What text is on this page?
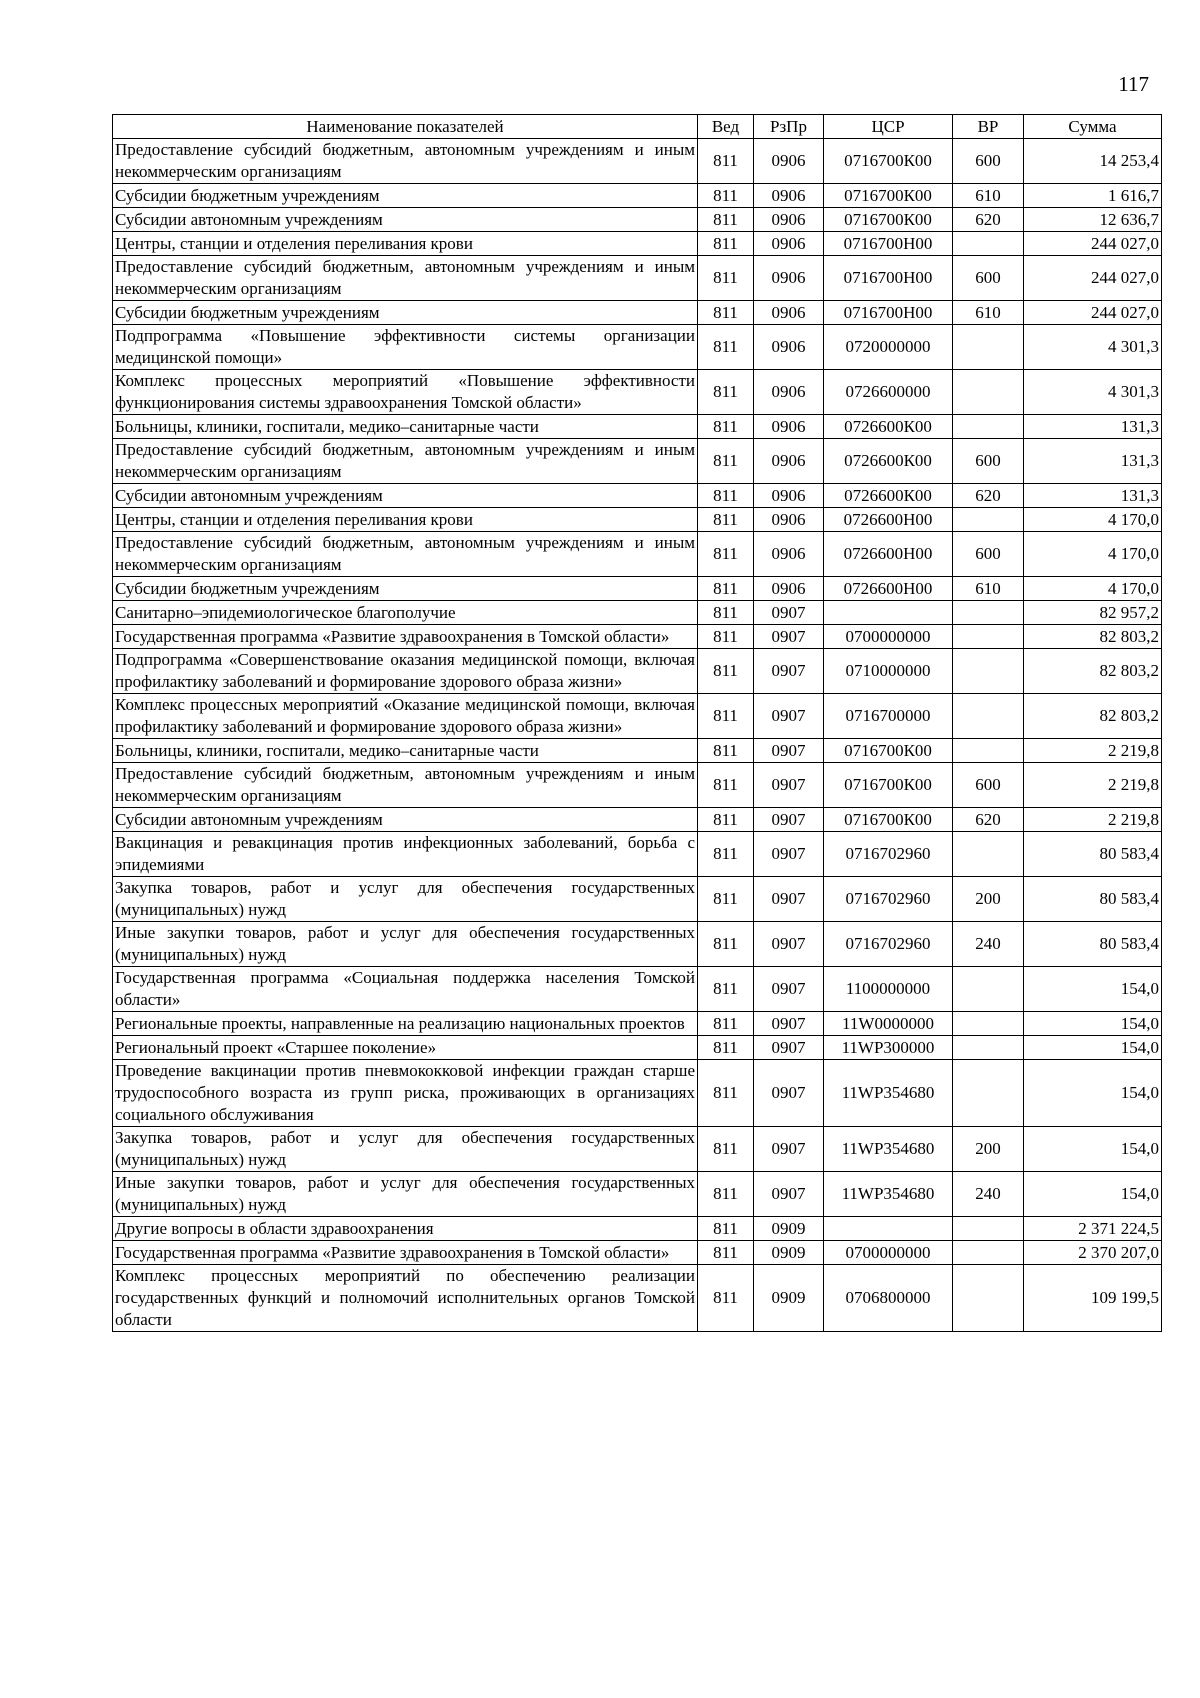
117
Наименование показателей	Вед	РзПр	ЦСР	ВР	Сумма
Предоставление субсидий бюджетным, автономным учреждениям и иным некоммерческим организациям	811	0906	0716700К00	600	14 253,4
Субсидии бюджетным учреждениям	811	0906	0716700К00	610	1 616,7
Субсидии автономным учреждениям	811	0906	0716700К00	620	12 636,7
Центры, станции и отделения переливания крови	811	0906	0716700Н00		244 027,0
Предоставление субсидий бюджетным, автономным учреждениям и иным некоммерческим организациям	811	0906	0716700Н00	600	244 027,0
Субсидии бюджетным учреждениям	811	0906	0716700Н00	610	244 027,0
Подпрограмма «Повышение эффективности системы организации медицинской помощи»	811	0906	0720000000		4 301,3
Комплекс процессных мероприятий «Повышение эффективности функционирования системы здравоохранения Томской области»	811	0906	0726600000		4 301,3
Больницы, клиники, госпитали, медико–санитарные части	811	0906	0726600К00		131,3
Предоставление субсидий бюджетным, автономным учреждениям и иным некоммерческим организациям	811	0906	0726600К00	600	131,3
Субсидии автономным учреждениям	811	0906	0726600К00	620	131,3
Центры, станции и отделения переливания крови	811	0906	0726600Н00		4 170,0
Предоставление субсидий бюджетным, автономным учреждениям и иным некоммерческим организациям	811	0906	0726600Н00	600	4 170,0
Субсидии бюджетным учреждениям	811	0906	0726600Н00	610	4 170,0
Санитарно–эпидемиологическое благополучие	811	0907			82 957,2
Государственная программа «Развитие здравоохранения в Томской области»	811	0907	0700000000		82 803,2
Подпрограмма «Совершенствование оказания медицинской помощи, включая профилактику заболеваний и формирование здорового образа жизни»	811	0907	0710000000		82 803,2
Комплекс процессных мероприятий «Оказание медицинской помощи, включая профилактику заболеваний и формирование здорового образа жизни»	811	0907	0716700000		82 803,2
Больницы, клиники, госпитали, медико–санитарные части	811	0907	0716700К00		2 219,8
Предоставление субсидий бюджетным, автономным учреждениям и иным некоммерческим организациям	811	0907	0716700К00	600	2 219,8
Субсидии автономным учреждениям	811	0907	0716700К00	620	2 219,8
Вакцинация и ревакцинация против инфекционных заболеваний, борьба с эпидемиями	811	0907	0716702960		80 583,4
Закупка товаров, работ и услуг для обеспечения государственных (муниципальных) нужд	811	0907	0716702960	200	80 583,4
Иные закупки товаров, работ и услуг для обеспечения государственных (муниципальных) нужд	811	0907	0716702960	240	80 583,4
Государственная программа «Социальная поддержка населения Томской области»	811	0907	1100000000		154,0
Региональные проекты, направленные на реализацию национальных проектов	811	0907	11W0000000		154,0
Региональный проект «Старшее поколение»	811	0907	11WP300000		154,0
Проведение вакцинации против пневмококковой инфекции граждан старше трудоспособного возраста из групп риска, проживающих в организациях социального обслуживания	811	0907	11WP354680		154,0
Закупка товаров, работ и услуг для обеспечения государственных (муниципальных) нужд	811	0907	11WP354680	200	154,0
Иные закупки товаров, работ и услуг для обеспечения государственных (муниципальных) нужд	811	0907	11WP354680	240	154,0
Другие вопросы в области здравоохранения	811	0909			2 371 224,5
Государственная программа «Развитие здравоохранения в Томской области»	811	0909	0700000000		2 370 207,0
Комплекс процессных мероприятий по обеспечению реализации государственных функций и полномочий исполнительных органов Томской области	811	0909	0706800000		109 199,5
